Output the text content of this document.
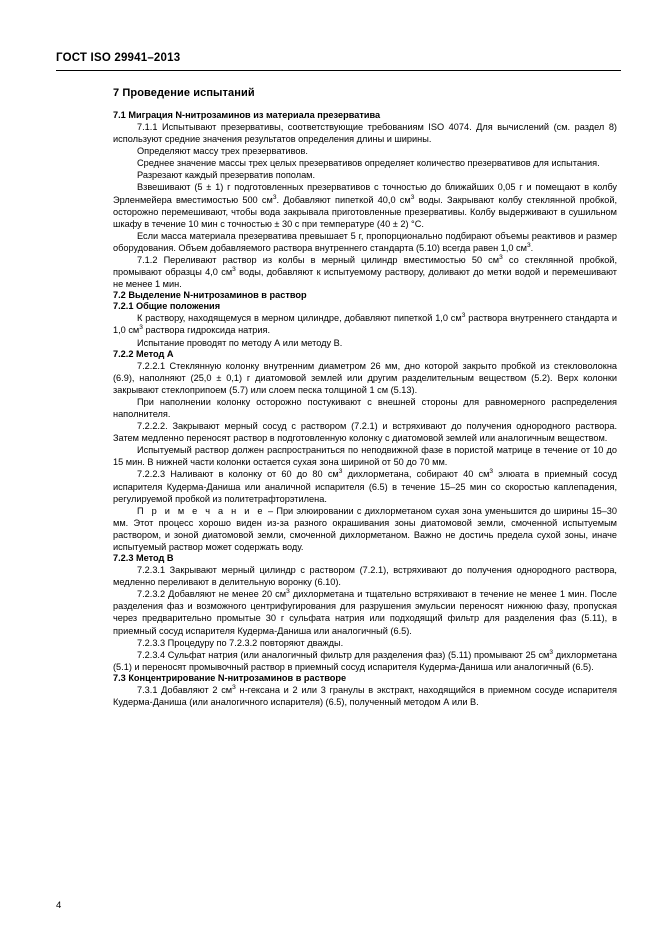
ГОСТ ISO 29941–2013
7 Проведение испытаний
7.1 Миграция N-нитрозаминов из материала презерватива

7.1.1 Испытывают презервативы, соответствующие требованиям ISO 4074. Для вычислений (см. раздел 8) используют средние значения результатов определения длины и ширины.

Определяют массу трех презервативов.

Среднее значение массы трех целых презервативов определяет количество презервативов для испытания.

Разрезают каждый презерватив пополам.

Взвешивают (5 ± 1) г подготовленных презервативов с точностью до ближайших 0,05 г и помещают в колбу Эрленмейера вместимостью 500 $см^3$. Добавляют пипеткой 40,0 $см^3$ воды. Закрывают колбу стеклянной пробкой, осторожно перемешивают, чтобы вода закрывала приготовленные презервативы. Колбу выдерживают в сушильном шкафу в течение 10 мин с точностью ± 30 с при температуре (40 ± 2) °С.

Если масса материала презерватива превышает 5 г, пропорционально подбирают объемы реактивов и размер оборудования. Объем добавляемого раствора внутреннего стандарта (5.10) всегда равен 1,0 $см^3$.

7.1.2 Переливают раствор из колбы в мерный цилиндр вместимостью 50 $см^3$ со стеклянной пробкой, промывают образцы 4,0 $см^3$ воды, добавляют к испытуемому раствору, доливают до метки водой и перемешивают не менее 1 мин.

7.2 Выделение N-нитрозаминов в раствор
7.2.1 Общие положения

К раствору, находящемуся в мерном цилиндре, добавляют пипеткой 1,0 $см^3$ раствора внутреннего стандарта и 1,0 $см^3$ раствора гидроксида натрия.

Испытание проводят по методу А или методу В.

7.2.2 Метод А

7.2.2.1 Стеклянную колонку внутренним диаметром 26 мм, дно которой закрыто пробкой из стекловолокна (6.9), наполняют (25,0 ± 0,1) г диатомовой землей или другим разделительным веществом (5.2). Верх колонки закрывают стеклоприпоем (5.7) или слоем песка толщиной 1 см (5.13).

При наполнении колонку осторожно постукивают с внешней стороны для равномерного распределения наполнителя.

7.2.2.2. Закрывают мерный сосуд с раствором (7.2.1) и встряхивают до получения однородного раствора. Затем медленно переносят раствор в подготовленную колонку с диатомовой землей или аналогичным веществом.

Испытуемый раствор должен распространиться по неподвижной фазе в пористой матрице в течение от 10 до 15 мин. В нижней части колонки остается сухая зона шириной от 50 до 70 мм.

7.2.2.3 Наливают в колонку от 60 до 80 $см^3$ дихлорметана, собирают 40 $см^3$ элюата в приемный сосуд испарителя Кудерма-Даниша или аналичной испарителя (6.5) в течение 15–25 мин со скоростью каплепадения, регулируемой пробкой из политетрафторэтилена.

П р и м е ч а н и е – При элюировании с дихлорметаном сухая зона уменьшится до ширины 15–30 мм. Этот процесс хорошо виден из-за разного окрашивания зоны диатомовой земли, смоченной испытуемым раствором, и зоной диатомовой земли, смоченной дихлорметаном. Важно не достичь предела сухой зоны, иначе испытуемый раствор может содержать воду.

7.2.3 Метод В

7.2.3.1 Закрывают мерный цилиндр с раствором (7.2.1), встряхивают до получения однородного раствора, медленно переливают в делительную воронку (6.10).

7.2.3.2 Добавляют не менее 20 $см^3$ дихлорметана и тщательно встряхивают в течение не менее 1 мин. После разделения фаз и возможного центрифугирования для разрушения эмульсии переносят нижнюю фазу, пропуская через предварительно промытые 30 г сульфата натрия или подходящий фильтр для разделения фаз (5.11), в приемный сосуд испарителя Кудерма-Даниша или аналогичный (6.5).

7.2.3.3 Процедуру по 7.2.3.2 повторяют дважды.

7.2.3.4 Сульфат натрия (или аналогичный фильтр для разделения фаз) (5.11) промывают 25 $см^3$ дихлорметана (5.1) и переносят промывочный раствор в приемный сосуд испарителя Кудерма-Даниша или аналогичный (6.5).

7.3 Концентрирование N-нитрозаминов в растворе

7.3.1 Добавляют 2 $см^3$ н-гексана и 2 или 3 гранулы в экстракт, находящийся в приемном сосуде испарителя Кудерма-Даниша (или аналогичного испарителя) (6.5), полученный методом А или В.

4
